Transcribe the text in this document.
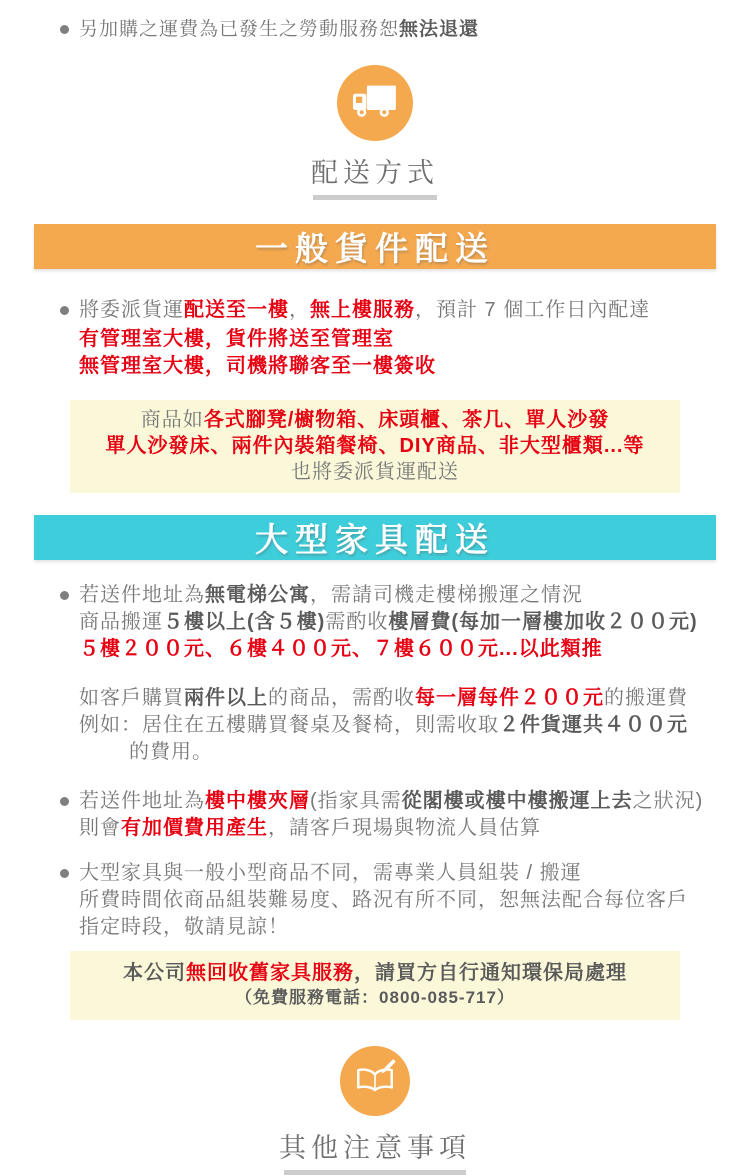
另加購之運費為已發生之勞動服務恕無法退還
配送方式
一般貨件配送
將委派貨運配送至一樓，無上樓服務，預計 7 個工作日內配達
有管理室大樓，貨件將送至管理室
無管理室大樓，司機將聯客至一樓簽收
商品如各式腳凳/櫥物箱、床頭櫃、茶几、單人沙發
單人沙發床、兩件內裝箱餐椅、DIY商品、非大型櫃類...等
也將委派貨運配送
大型家具配送
若送件地址為無電梯公寓，需請司機走樓梯搬運之情況
商品搬運５樓以上(含５樓)需酌收樓層費(每加一層樓加收２００元)
５樓２００元、６樓４００元、７樓６００元...以此類推
如客戶購買兩件以上的商品，需酌收每一層每件２００元的搬運費
例如：居住在五樓購買餐桌及餐椅，則需收取２件貨運共４００元
的費用。
若送件地址為樓中樓夾層(指家具需從閣樓或樓中樓搬運上去之狀況)
則會有加價費用產生，請客戶現場與物流人員估算
大型家具與一般小型商品不同，需專業人員組裝 / 搬運
所費時間依商品組裝難易度、路況有所不同，恕無法配合每位客戶
指定時段，敬請見諒！
本公司無回收舊家具服務，請買方自行通知環保局處理
（免費服務電話：0800-085-717）
其他注意事項
